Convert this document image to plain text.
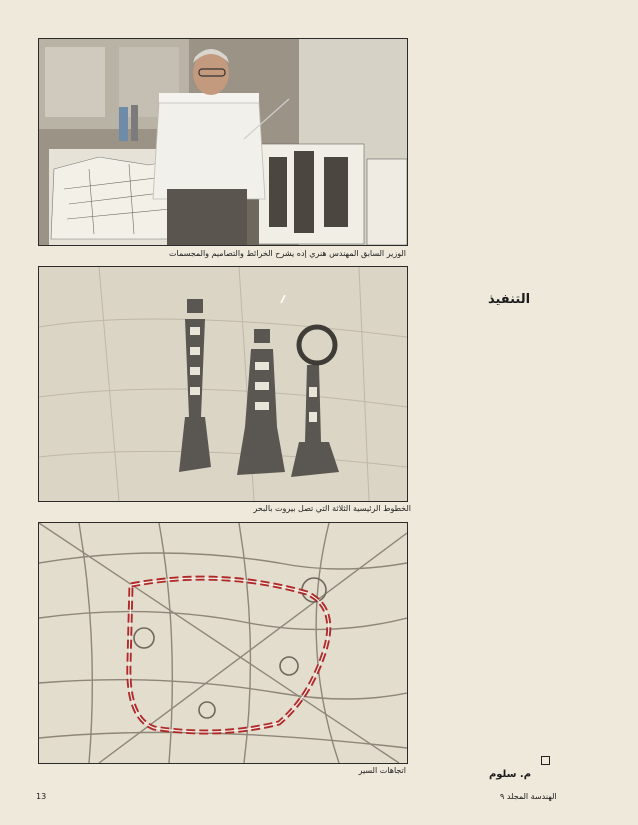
الوزير السابق المهندس هنري إده يشرح الخرائط والتصاميم والمجسمات
الخطوط الرئيسية الثلاثة التي تصل بيروت بالبحر
اتجاهات السير

التنفيذ

م. سلوم
13	الهندسة المجلد ٩
